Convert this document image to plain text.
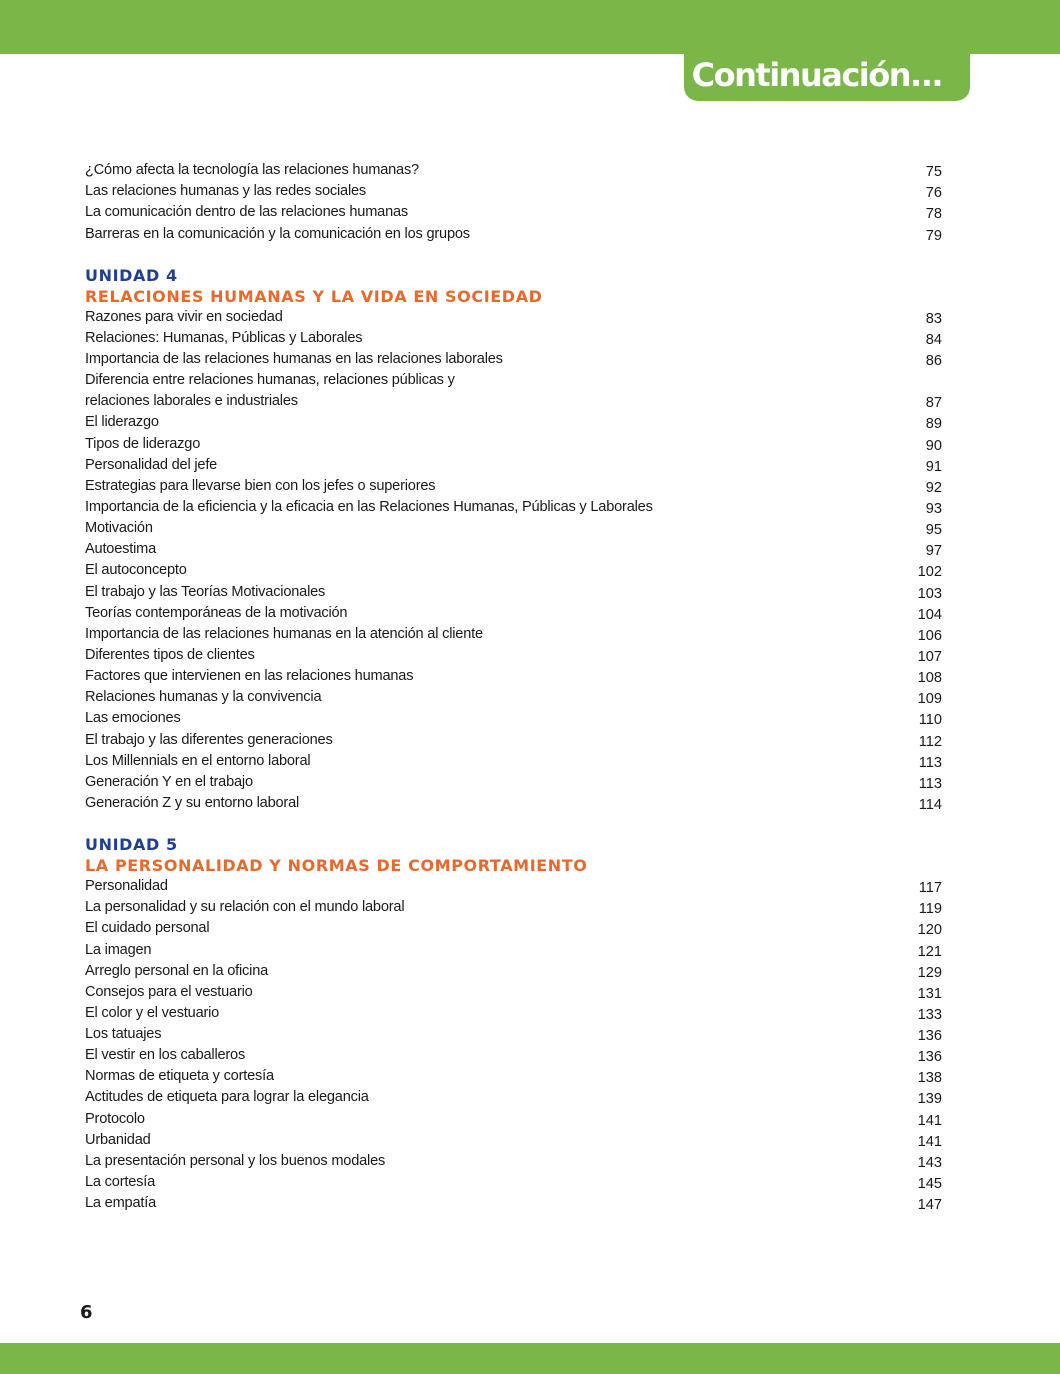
Continuación...
¿Cómo afecta la tecnología las relaciones humanas?	75
Las relaciones humanas y las redes sociales	76
La comunicación dentro de las relaciones humanas	78
Barreras en la comunicación y la comunicación en los grupos	79
UNIDAD 4
RELACIONES HUMANAS Y LA VIDA EN SOCIEDAD
Razones para vivir en sociedad	83
Relaciones: Humanas, Públicas y Laborales	84
Importancia de las relaciones humanas en las relaciones laborales	86
Diferencia entre relaciones humanas, relaciones públicas y
relaciones laborales e industriales	87
El liderazgo	89
Tipos de liderazgo	90
Personalidad del jefe	91
Estrategias para llevarse bien con los jefes o superiores	92
Importancia de la eficiencia y la eficacia en las Relaciones Humanas, Públicas y Laborales	93
Motivación	95
Autoestima	97
El autoconcepto	102
El trabajo y las Teorías Motivacionales	103
Teorías contemporáneas de la motivación	104
Importancia de las relaciones humanas en la atención al cliente	106
Diferentes tipos de clientes	107
Factores que intervienen en las relaciones humanas	108
Relaciones humanas y la convivencia	109
Las emociones	110
El trabajo y las diferentes generaciones	112
Los Millennials en el entorno laboral	113
Generación Y en el trabajo	113
Generación Z y su entorno laboral	114
UNIDAD 5
LA PERSONALIDAD Y NORMAS DE COMPORTAMIENTO
Personalidad	117
La personalidad y su relación con el mundo laboral	119
El cuidado personal	120
La imagen	121
Arreglo personal en la oficina	129
Consejos para el vestuario	131
El color y el vestuario	133
Los tatuajes	136
El vestir en los caballeros	136
Normas de etiqueta y cortesía	138
Actitudes de etiqueta para lograr la elegancia	139
Protocolo	141
Urbanidad	141
La presentación personal y los buenos modales	143
La cortesía	145
La empatía	147
6
